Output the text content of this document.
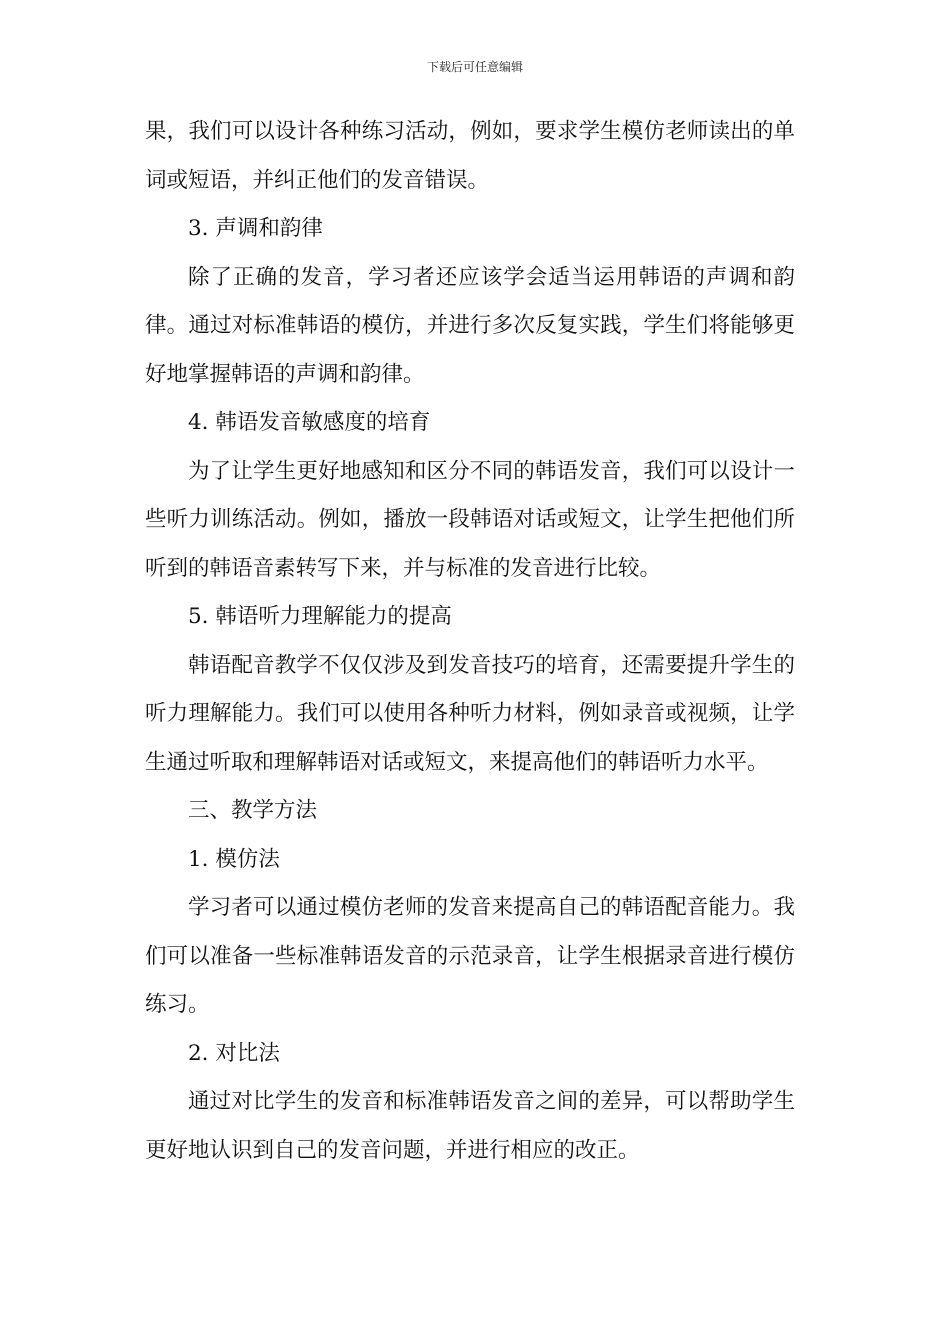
下载后可任意编辑

果，我们可以设计各种练习活动，例如，要求学生模仿老师读出的单词或短语，并纠正他们的发音错误。

3. 声调和韵律

除了正确的发音，学习者还应该学会适当运用韩语的声调和韵律。通过对标准韩语的模仿，并进行多次反复实践，学生们将能够更好地掌握韩语的声调和韵律。

4. 韩语发音敏感度的培育

为了让学生更好地感知和区分不同的韩语发音，我们可以设计一些听力训练活动。例如，播放一段韩语对话或短文，让学生把他们所听到的韩语音素转写下来，并与标准的发音进行比较。

5. 韩语听力理解能力的提高

韩语配音教学不仅仅涉及到发音技巧的培育，还需要提升学生的听力理解能力。我们可以使用各种听力材料，例如录音或视频，让学生通过听取和理解韩语对话或短文，来提高他们的韩语听力水平。

三、教学方法

1. 模仿法

学习者可以通过模仿老师的发音来提高自己的韩语配音能力。我们可以准备一些标准韩语发音的示范录音，让学生根据录音进行模仿练习。

2. 对比法

通过对比学生的发音和标准韩语发音之间的差异，可以帮助学生更好地认识到自己的发音问题，并进行相应的改正。
